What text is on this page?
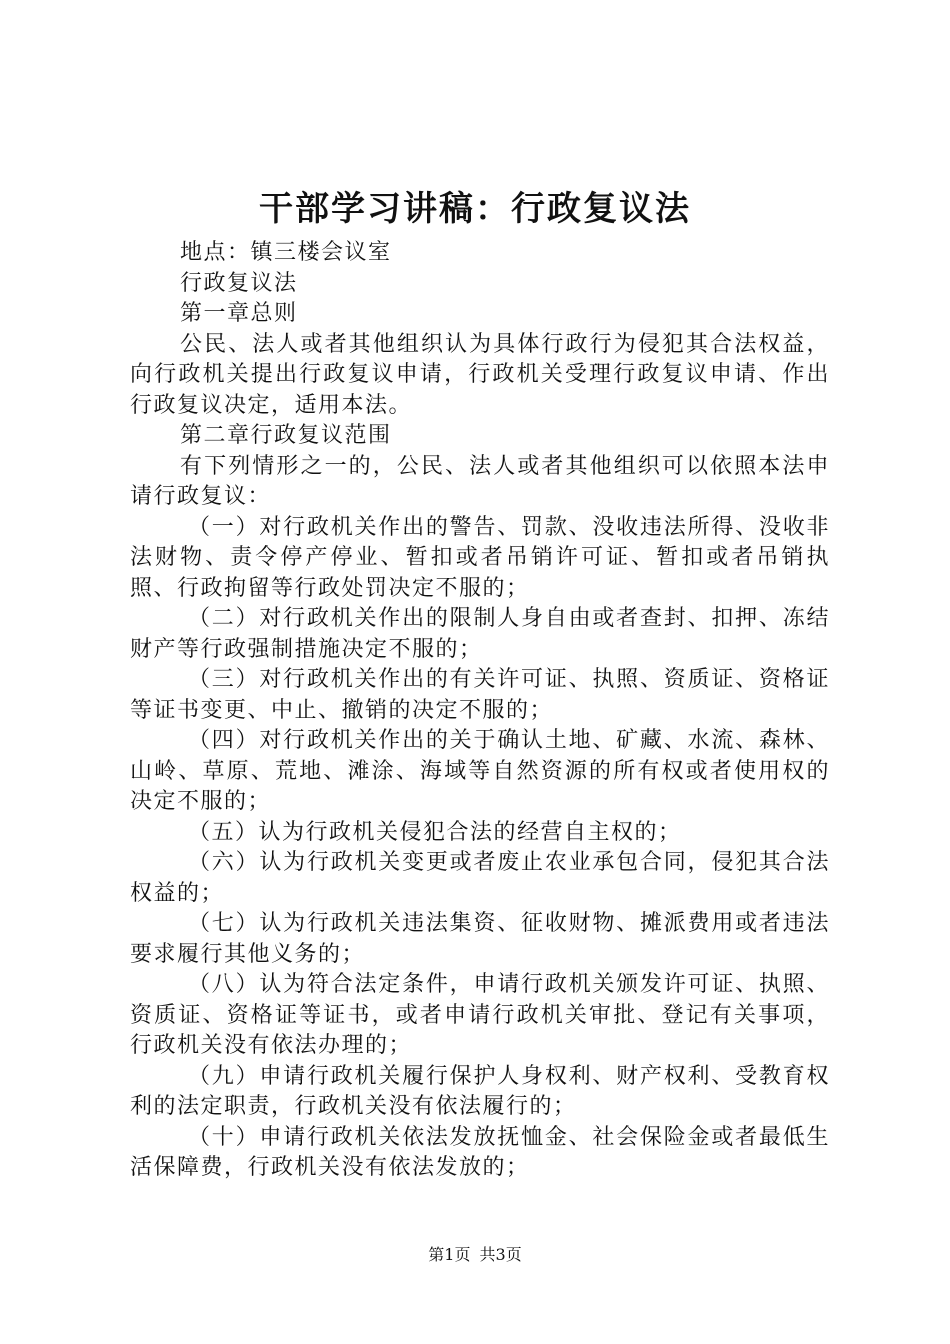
干部学习讲稿：行政复议法

地点：镇三楼会议室

行政复议法

第一章总则

公民、法人或者其他组织认为具体行政行为侵犯其合法权益，向行政机关提出行政复议申请，行政机关受理行政复议申请、作出行政复议决定，适用本法。

第二章行政复议范围

有下列情形之一的，公民、法人或者其他组织可以依照本法申请行政复议：

（一）对行政机关作出的警告、罚款、没收违法所得、没收非法财物、责令停产停业、暂扣或者吊销许可证、暂扣或者吊销执照、行政拘留等行政处罚决定不服的；

（二）对行政机关作出的限制人身自由或者查封、扣押、冻结财产等行政强制措施决定不服的；

（三）对行政机关作出的有关许可证、执照、资质证、资格证等证书变更、中止、撤销的决定不服的；

（四）对行政机关作出的关于确认土地、矿藏、水流、森林、山岭、草原、荒地、滩涂、海域等自然资源的所有权或者使用权的决定不服的；

（五）认为行政机关侵犯合法的经营自主权的；

（六）认为行政机关变更或者废止农业承包合同，侵犯其合法权益的；

（七）认为行政机关违法集资、征收财物、摊派费用或者违法要求履行其他义务的；

（八）认为符合法定条件，申请行政机关颁发许可证、执照、资质证、资格证等证书，或者申请行政机关审批、登记有关事项，行政机关没有依法办理的；

（九）申请行政机关履行保护人身权利、财产权利、受教育权利的法定职责，行政机关没有依法履行的；

（十）申请行政机关依法发放抚恤金、社会保险金或者最低生活保障费，行政机关没有依法发放的；

第1页 共3页
